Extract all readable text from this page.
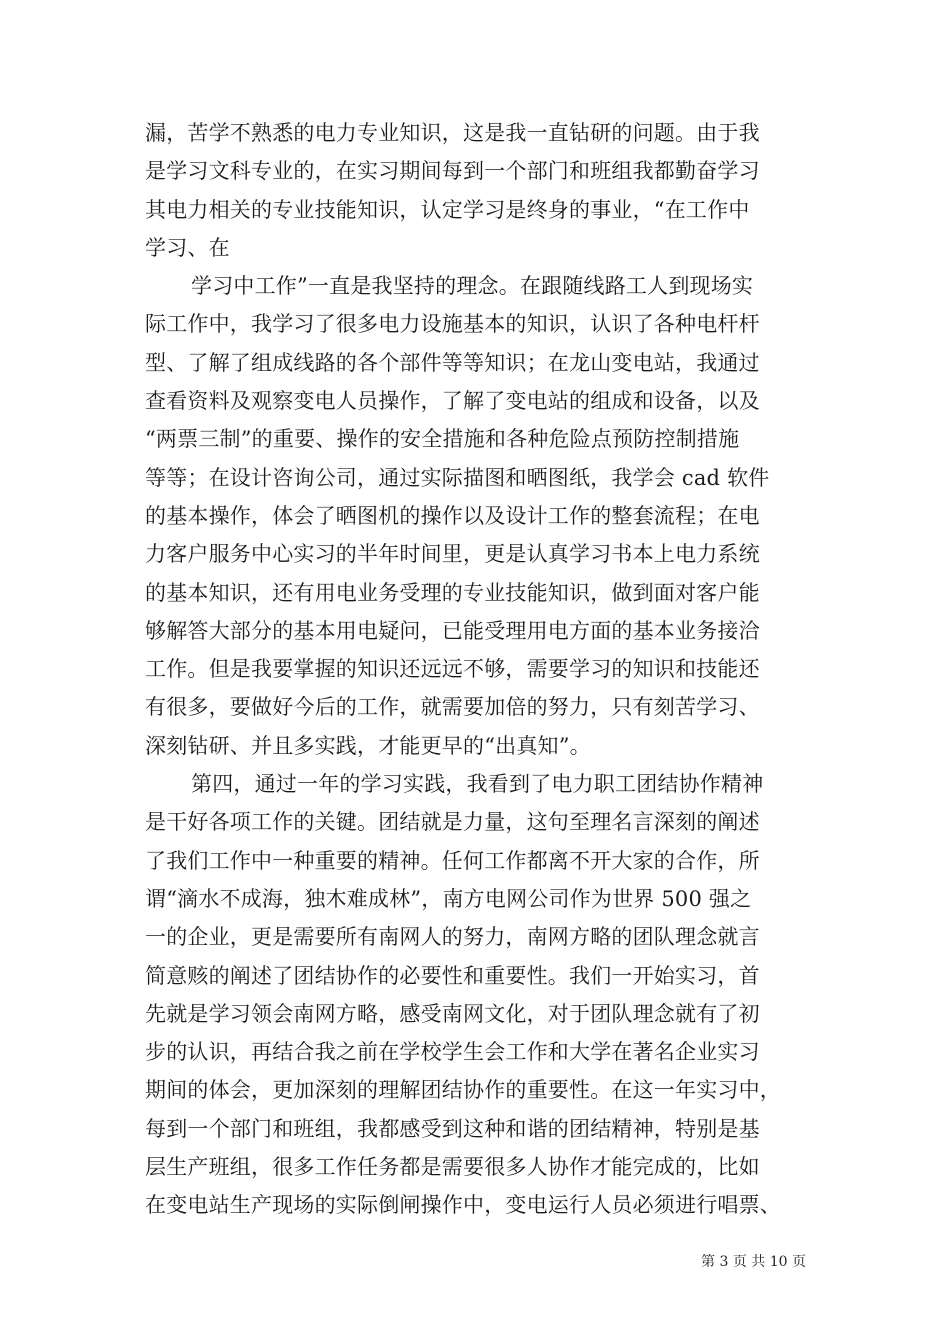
漏，苦学不熟悉的电力专业知识，这是我一直钻研的问题。由于我
是学习文科专业的，在实习期间每到一个部门和班组我都勤奋学习
其电力相关的专业技能知识，认定学习是终身的事业，“在工作中
学习、在
学习中工作”一直是我坚持的理念。在跟随线路工人到现场实
际工作中，我学习了很多电力设施基本的知识，认识了各种电杆杆
型、了解了组成线路的各个部件等等知识；在龙山变电站，我通过
查看资料及观察变电人员操作，了解了变电站的组成和设备，以及
“两票三制”的重要、操作的安全措施和各种危险点预防控制措施
等等；在设计咨询公司，通过实际描图和晒图纸，我学会 cad 软件
的基本操作，体会了晒图机的操作以及设计工作的整套流程；在电
力客户服务中心实习的半年时间里，更是认真学习书本上电力系统
的基本知识，还有用电业务受理的专业技能知识，做到面对客户能
够解答大部分的基本用电疑问，已能受理用电方面的基本业务接洽
工作。但是我要掌握的知识还远远不够，需要学习的知识和技能还
有很多，要做好今后的工作，就需要加倍的努力，只有刻苦学习、
深刻钻研、并且多实践，才能更早的“出真知”。
第四，通过一年的学习实践，我看到了电力职工团结协作精神
是干好各项工作的关键。团结就是力量，这句至理名言深刻的阐述
了我们工作中一种重要的精神。任何工作都离不开大家的合作，所
谓“滴水不成海，独木难成林”，南方电网公司作为世界 500 强之
一的企业，更是需要所有南网人的努力，南网方略的团队理念就言
简意赅的阐述了团结协作的必要性和重要性。我们一开始实习，首
先就是学习领会南网方略，感受南网文化，对于团队理念就有了初
步的认识，再结合我之前在学校学生会工作和大学在著名企业实习
期间的体会，更加深刻的理解团结协作的重要性。在这一年实习中，
每到一个部门和班组，我都感受到这种和谐的团结精神，特别是基
层生产班组，很多工作任务都是需要很多人协作才能完成的，比如
在变电站生产现场的实际倒闸操作中，变电运行人员必须进行唱票、
第 3 页 共 10 页
